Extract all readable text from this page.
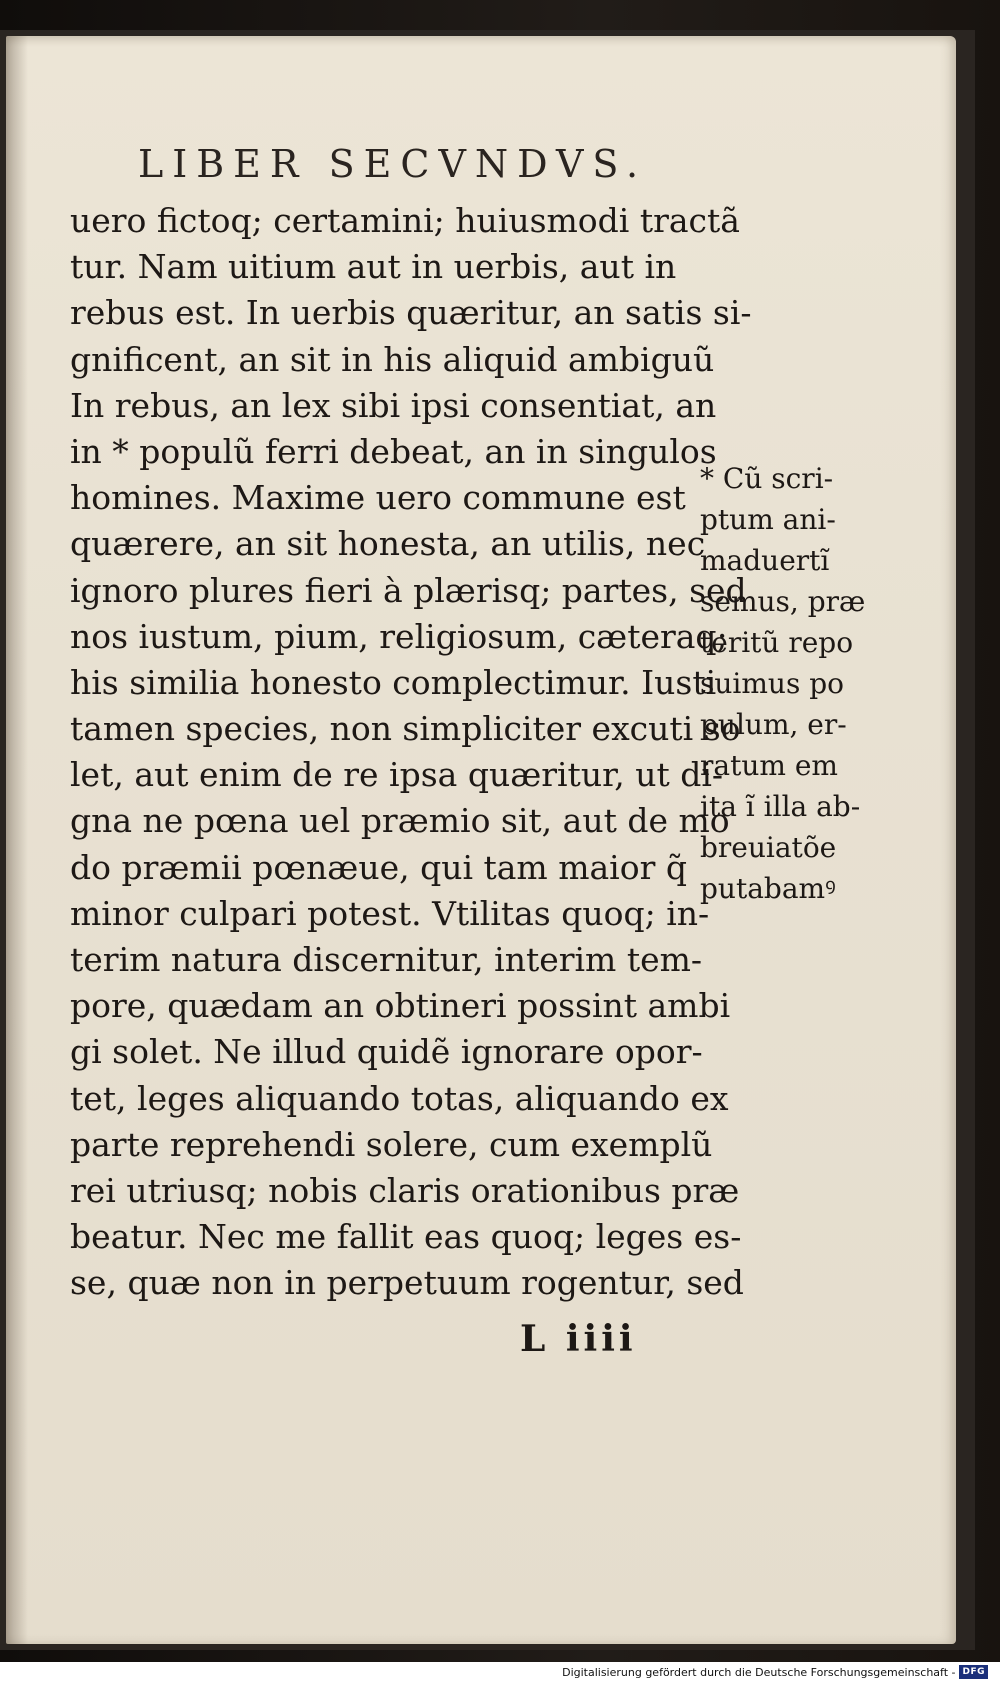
LIBER SECVNDVS.
uero fictoq; certamini; huiusmodi tractã
tur. Nam uitium aut in uerbis, aut in
rebus est. In uerbis quæritur, an satis si-
gnificent, an sit in his aliquid ambiguũ
In rebus, an lex sibi ipsi consentiat, an
in * populũ ferri debeat, an in singulos
homines. Maxime uero commune est
quærere, an sit honesta, an utilis, nec
ignoro plures fieri à plærisq; partes, sed
nos iustum, pium, religiosum, cæteraq;
his similia honesto complectimur. Iusti
tamen species, non simpliciter excuti so
let, aut enim de re ipsa quæritur, ut di-
gna ne pœna uel præmio sit, aut de mo
do præmii pœnæue, qui tam maior q̃
minor culpari potest. Vtilitas quoq; in-
terim natura discernitur, interim tem-
pore, quædam an obtineri possint ambi
gi solet. Ne illud quidẽ ignorare opor-
tet, leges aliquando totas, aliquando ex
parte reprehendi solere, cum exemplũ
rei utriusq; nobis claris orationibus præ
beatur. Nec me fallit eas quoq; leges es-
se, quæ non in perpetuum rogentur, sed
* Cũ scri-
ptum ani-
maduertĩ
semus, præ
teritũ repo
suimus po
pulum, er-
ratum em
ita ĩ illa ab-
breuiatõe
putabamꝰ
L iiii
Digitalisierung gefördert durch die Deutsche Forschungsgemeinschaft - DFG
